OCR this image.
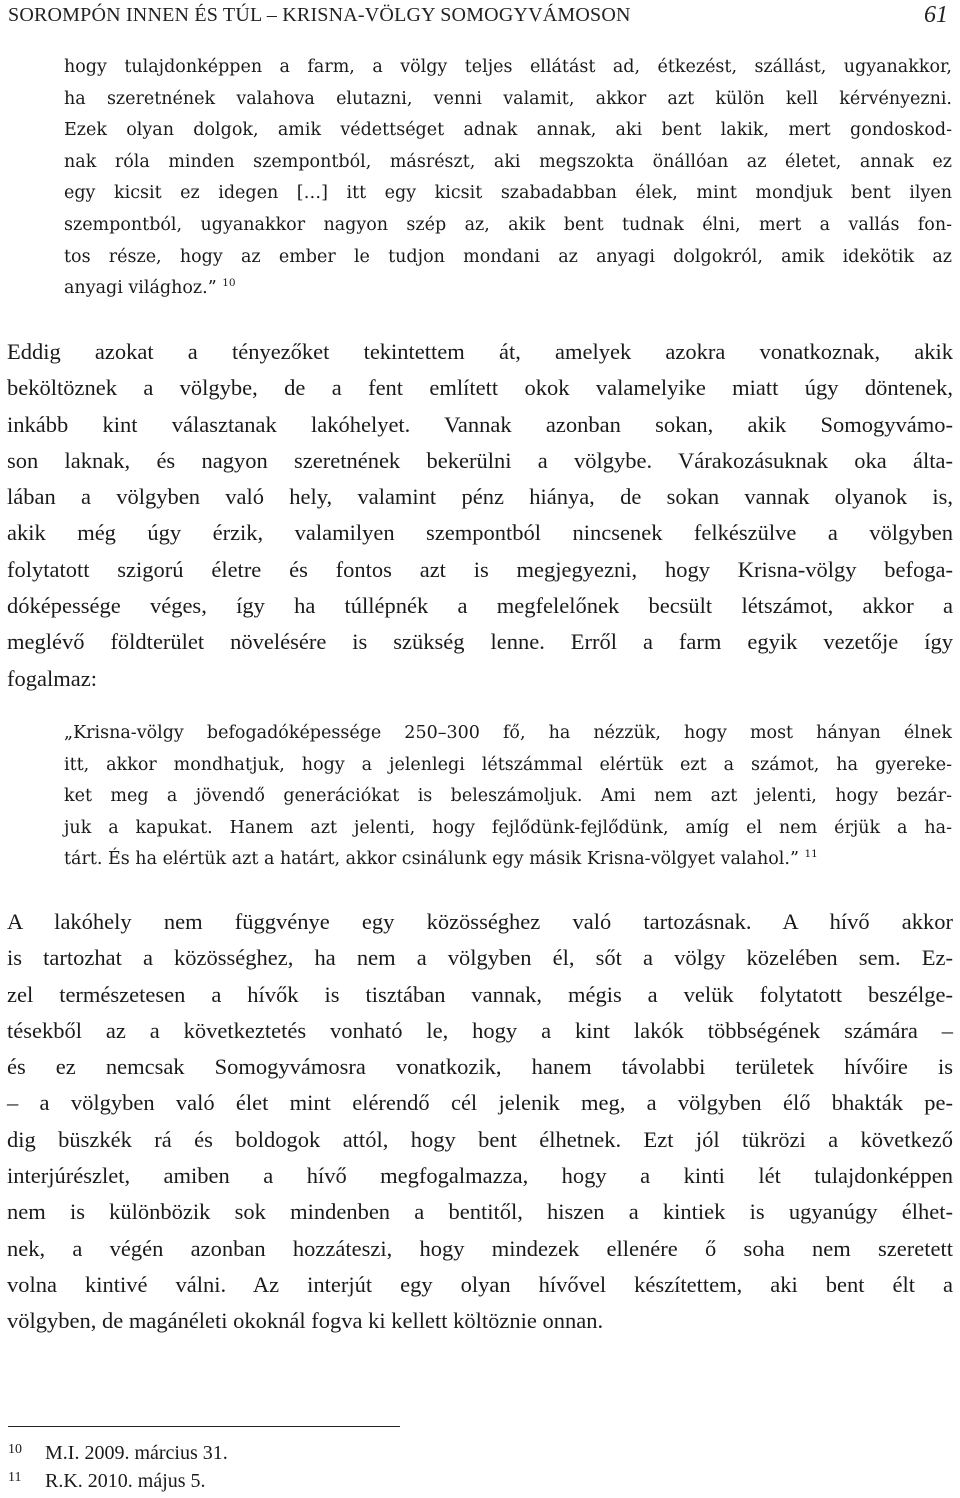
SOROMPÓN INNEN ÉS TÚL – KRISNA-VÖLGY SOMOGYVÁMOSON	61
hogy tulajdonképpen a farm, a völgy teljes ellátást ad, étkezést, szállást, ugyanakkor,
ha szeretnének valahova elutazni, venni valamit, akkor azt külön kell kérvényezni.
Ezek olyan dolgok, amik védettséget adnak annak, aki bent lakik, mert gondoskod-
nak róla minden szempontból, másrészt, aki megszokta önállóan az életet, annak ez
egy kicsit ez idegen […] itt egy kicsit szabadabban élek, mint mondjuk bent ilyen
szempontból, ugyanakkor nagyon szép az, akik bent tudnak élni, mert a vallás fon-
tos része, hogy az ember le tudjon mondani az anyagi dolgokról, amik idekötik az
anyagi világhoz.” $^{10}$
Eddig azokat a tényezőket tekintettem át, amelyek azokra vonatkoznak, akik
beköltöznek a völgybe, de a fent említett okok valamelyike miatt úgy döntenek,
inkább kint választanak lakóhelyet. Vannak azonban sokan, akik Somogyvámo-
son laknak, és nagyon szeretnének bekerülni a völgybe. Várakozásuknak oka álta-
lában a völgyben való hely, valamint pénz hiánya, de sokan vannak olyanok is,
akik még úgy érzik, valamilyen szempontból nincsenek felkészülve a völgyben
folytatott szigorú életre és fontos azt is megjegyezni, hogy Krisna-völgy befoga-
dóképessége véges, így ha túllépnék a megfelelőnek becsült létszámot, akkor a
meglévő földterület növelésére is szükség lenne. Erről a farm egyik vezetője így
fogalmaz:
„Krisna-völgy befogadóképessége 250–300 fő, ha nézzük, hogy most hányan élnek
itt, akkor mondhatjuk, hogy a jelenlegi létszámmal elértük ezt a számot, ha gyereke-
ket meg a jövendő generációkat is beleszámoljuk. Ami nem azt jelenti, hogy bezár-
juk a kapukat. Hanem azt jelenti, hogy fejlődünk-fejlődünk, amíg el nem érjük a ha-
tárt. És ha elértük azt a határt, akkor csinálunk egy másik Krisna-völgyet valahol.” $^{11}$
A lakóhely nem függvénye egy közösséghez való tartozásnak. A hívő akkor
is tartozhat a közösséghez, ha nem a völgyben él, sőt a völgy közelében sem. Ez-
zel természetesen a hívők is tisztában vannak, mégis a velük folytatott beszélge-
tésekből az a következtetés vonható le, hogy a kint lakók többségének számára –
és ez nemcsak Somogyvámosra vonatkozik, hanem távolabbi területek hívőire is
– a völgyben való élet mint elérendő cél jelenik meg, a völgyben élő bhakták pe-
dig büszkék rá és boldogok attól, hogy bent élhetnek. Ezt jól tükrözi a következő
interjúrészlet, amiben a hívő megfogalmazza, hogy a kinti lét tulajdonképpen
nem is különbözik sok mindenben a bentitől, hiszen a kintiek is ugyanúgy élhet-
nek, a végén azonban hozzáteszi, hogy mindezek ellenére ő soha nem szeretett
volna kintivé válni. Az interjút egy olyan hívővel készítettem, aki bent élt a
völgyben, de magánéleti okoknál fogva ki kellett költöznie onnan.
10 M.I. 2009. március 31.
11 R.K. 2010. május 5.
